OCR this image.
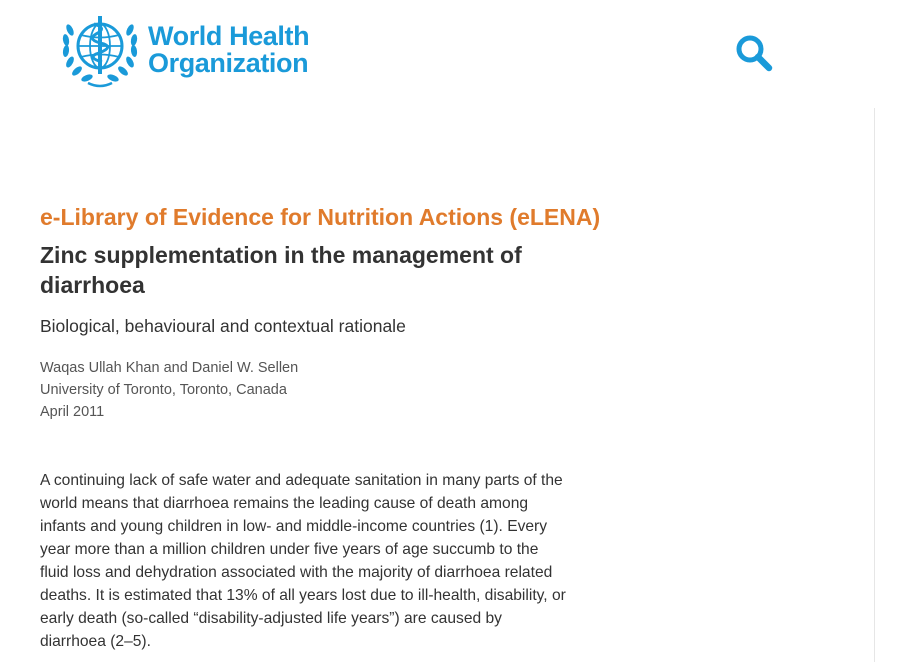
World Health
Organization
e-Library of Evidence for Nutrition Actions (eLENA)
Zinc supplementation in the management of diarrhoea
Biological, behavioural and contextual rationale
Waqas Ullah Khan and Daniel W. Sellen
University of Toronto, Toronto, Canada
April 2011

A continuing lack of safe water and adequate sanitation in many parts of the world means that diarrhoea remains the leading cause of death among infants and young children in low- and middle-income countries (1). Every year more than a million children under five years of age succumb to the fluid loss and dehydration associated with the majority of diarrhoea related deaths. It is estimated that 13% of all years lost due to ill-health, disability, or early death (so-called “disability-adjusted life years”) are caused by diarrhoea (2–5).
